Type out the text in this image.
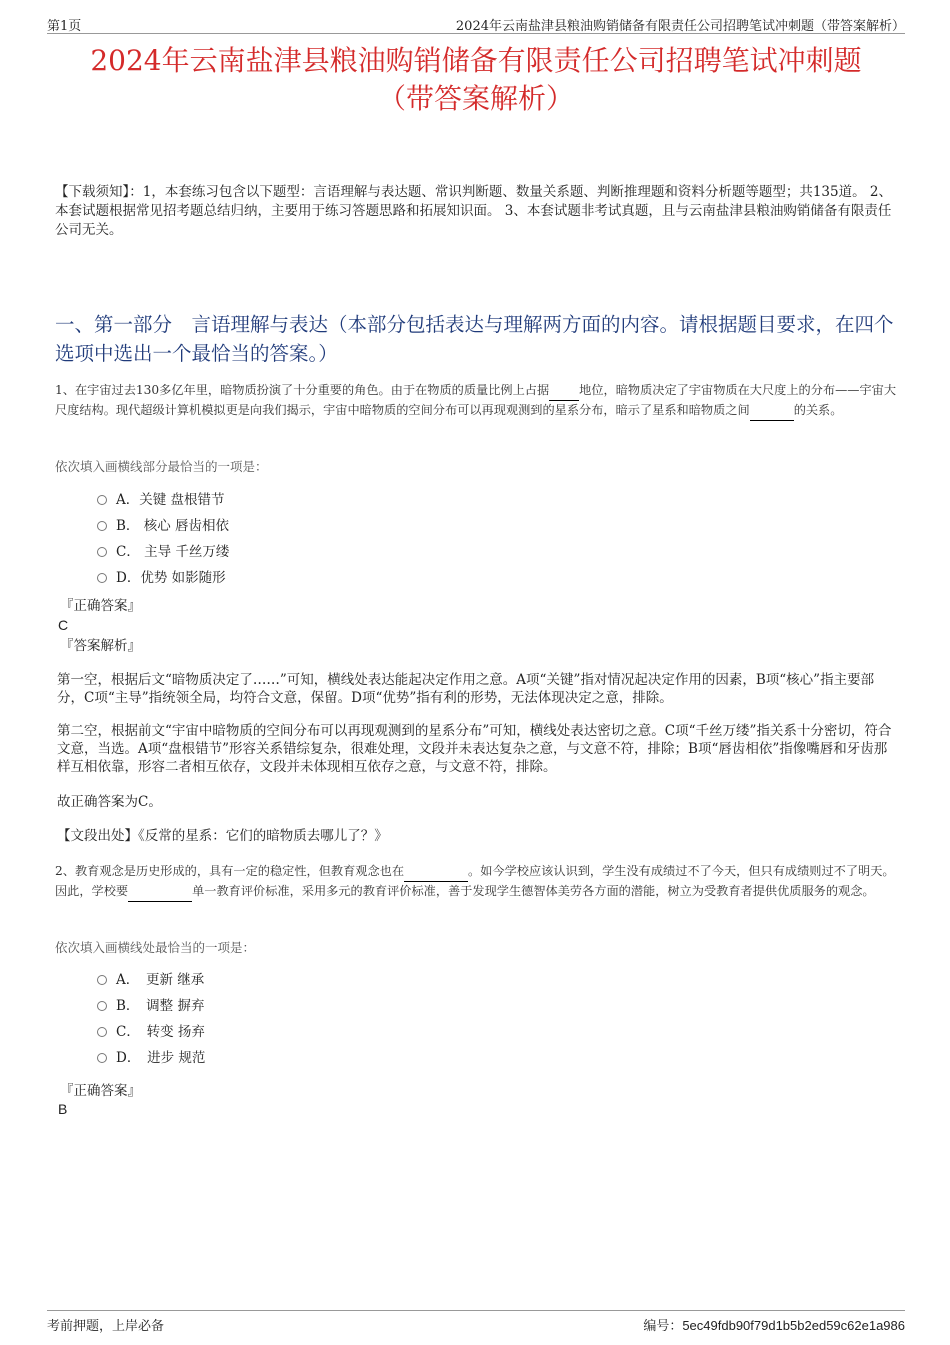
第1页	2024年云南盐津县粮油购销储备有限责任公司招聘笔试冲刺题（带答案解析）
2024年云南盐津县粮油购销储备有限责任公司招聘笔试冲刺题
（带答案解析）
【下载须知】：1，本套练习包含以下题型：言语理解与表达题、常识判断题、数量关系题、判断推理题和资料分析题等题型；共135道。 2、本套试题根据常见招考题总结归纳，主要用于练习答题思路和拓展知识面。 3、本套试题非考试真题，且与云南盐津县粮油购销储备有限责任公司无关。
一、第一部分　言语理解与表达（本部分包括表达与理解两方面的内容。请根据题目要求，在四个选项中选出一个最恰当的答案。）
1、在宇宙过去130多亿年里，暗物质扮演了十分重要的角色。由于在物质的质量比例上占据 地位，暗物质决定了宇宙物质在大尺度上的分布——宇宙大尺度结构。现代超级计算机模拟更是向我们揭示，宇宙中暗物质的空间分布可以再现观测到的星系分布，暗示了星系和暗物质之间	的关系。
依次填入画横线部分最恰当的一项是：
A．关键 盘根错节
B． 核心 唇齿相依
C． 主导 千丝万缕
D．优势 如影随形
『正确答案』
C
『答案解析』
第一空，根据后文“暗物质决定了……”可知，横线处表达能起决定作用之意。A项“关键”指对情况起决定作用的因素，B项“核心”指主要部分，C项“主导”指统领全局，均符合文意，保留。D项“优势”指有利的形势，无法体现决定之意，排除。
第二空，根据前文“宇宙中暗物质的空间分布可以再现观测到的星系分布”可知，横线处表达密切之意。C项“千丝万缕”指关系十分密切，符合文意，当选。A项“盘根错节”形容关系错综复杂，很难处理，文段并未表达复杂之意，与文意不符，排除；B项“唇齿相依”指像嘴唇和牙齿那样互相依靠，形容二者相互依存，文段并未体现相互依存之意，与文意不符，排除。
故正确答案为C。
【文段出处】《反常的星系：它们的暗物质去哪儿了？》
2、教育观念是历史形成的，具有一定的稳定性，但教育观念也在	。如今学校应该认识到，学生没有成绩过不了今天，但只有成绩则过不了明天。因此，学校要	单一教育评价标准，采用多元的教育评价标准，善于发现学生德智体美劳各方面的潜能，树立为受教育者提供优质服务的观念。
依次填入画横线处最恰当的一项是：
A．　更新 继承
B．　调整 摒弃
C．　转变 扬弃
D．　进步 规范
『正确答案』
B
考前押题，上岸必备	编号：5ec49fdb90f79d1b5b2ed59c62e1a986
